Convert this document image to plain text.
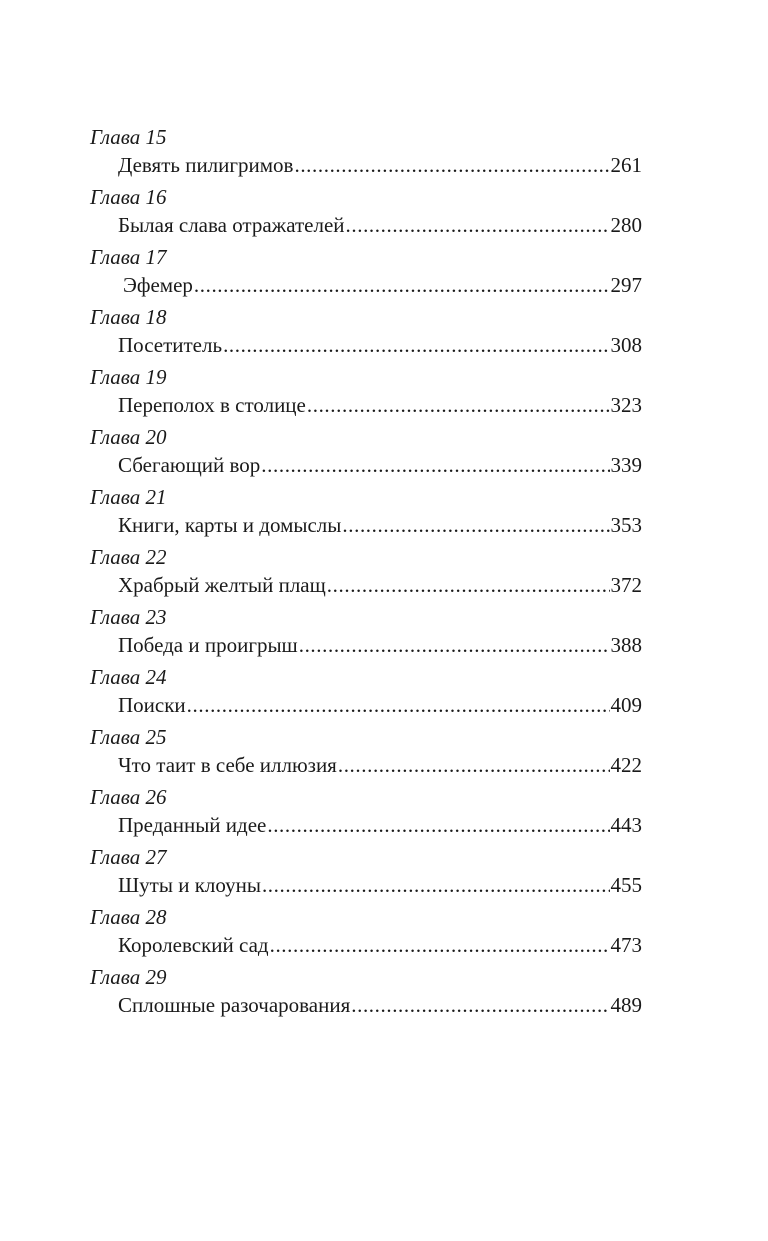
Глава 15
Девять пилигримов .....	261
Глава 16
Былая слава отражателей .....	280
Глава 17
Эфемер .....	297
Глава 18
Посетитель .....	308
Глава 19
Переполох в столице .....	323
Глава 20
Сбегающий вор .....	339
Глава 21
Книги, карты и домыслы .....	353
Глава 22
Храбрый желтый плащ .....	372
Глава 23
Победа и проигрыш .....	388
Глава 24
Поиски .....	409
Глава 25
Что таит в себе иллюзия .....	422
Глава 26
Преданный идее .....	443
Глава 27
Шуты и клоуны .....	455
Глава 28
Королевский сад .....	473
Глава 29
Сплошные разочарования .....	489
